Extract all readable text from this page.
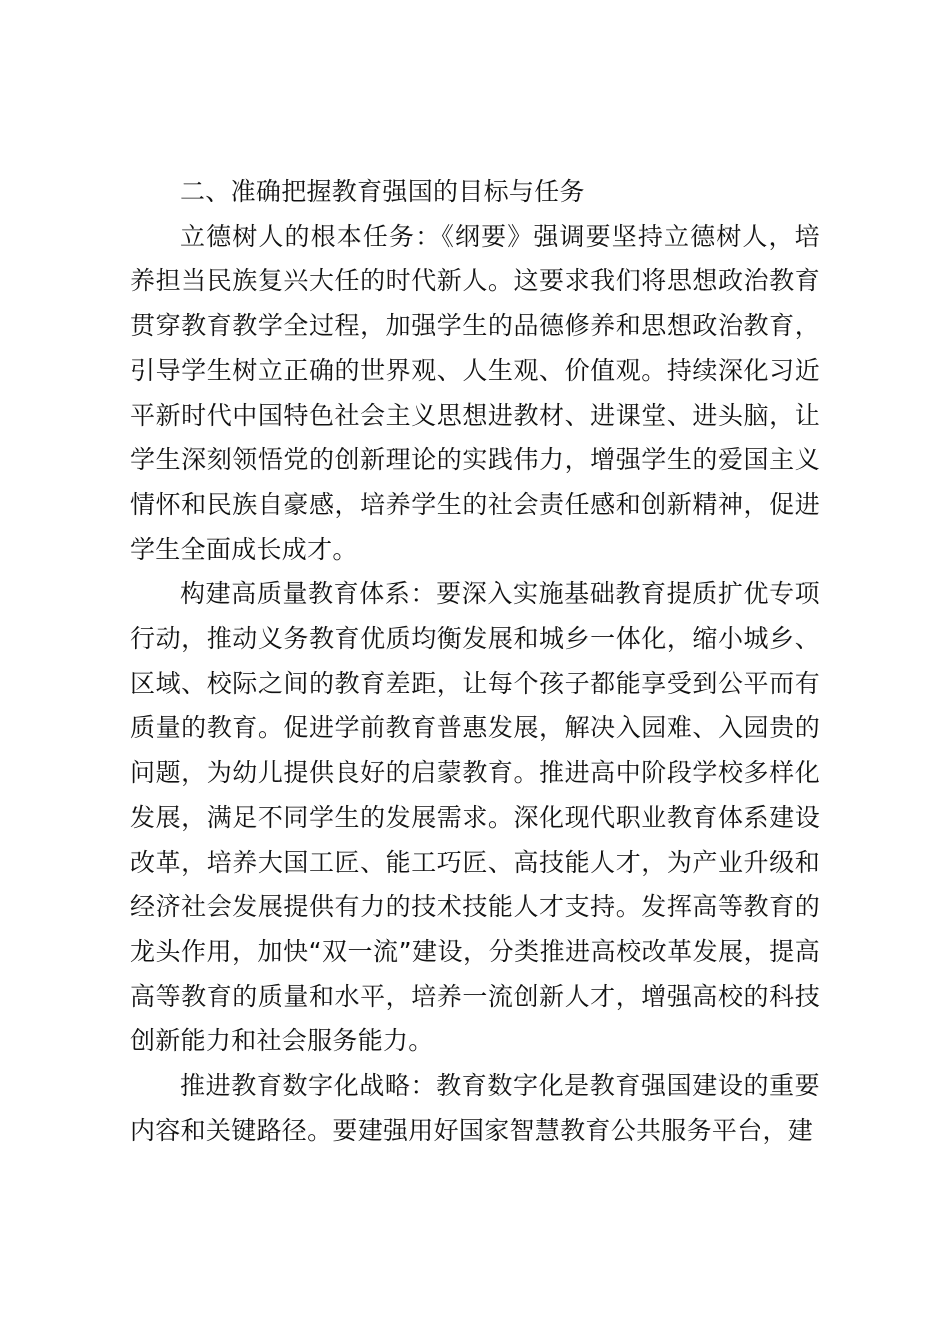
二、准确把握教育强国的目标与任务

立德树人的根本任务：《纲要》强调要坚持立德树人，培养担当民族复兴大任的时代新人。这要求我们将思想政治教育贯穿教育教学全过程，加强学生的品德修养和思想政治教育，引导学生树立正确的世界观、人生观、价值观。持续深化习近平新时代中国特色社会主义思想进教材、进课堂、进头脑，让学生深刻领悟党的创新理论的实践伟力，增强学生的爱国主义情怀和民族自豪感，培养学生的社会责任感和创新精神，促进学生全面成长成才。

构建高质量教育体系：要深入实施基础教育提质扩优专项行动，推动义务教育优质均衡发展和城乡一体化，缩小城乡、区域、校际之间的教育差距，让每个孩子都能享受到公平而有质量的教育。促进学前教育普惠发展，解决入园难、入园贵的问题，为幼儿提供良好的启蒙教育。推进高中阶段学校多样化发展，满足不同学生的发展需求。深化现代职业教育体系建设改革，培养大国工匠、能工巧匠、高技能人才，为产业升级和经济社会发展提供有力的技术技能人才支持。发挥高等教育的龙头作用，加快“双一流”建设，分类推进高校改革发展，提高高等教育的质量和水平，培养一流创新人才，增强高校的科技创新能力和社会服务能力。

推进教育数字化战略：教育数字化是教育强国建设的重要内容和关键路径。要建强用好国家智慧教育公共服务平台，建
